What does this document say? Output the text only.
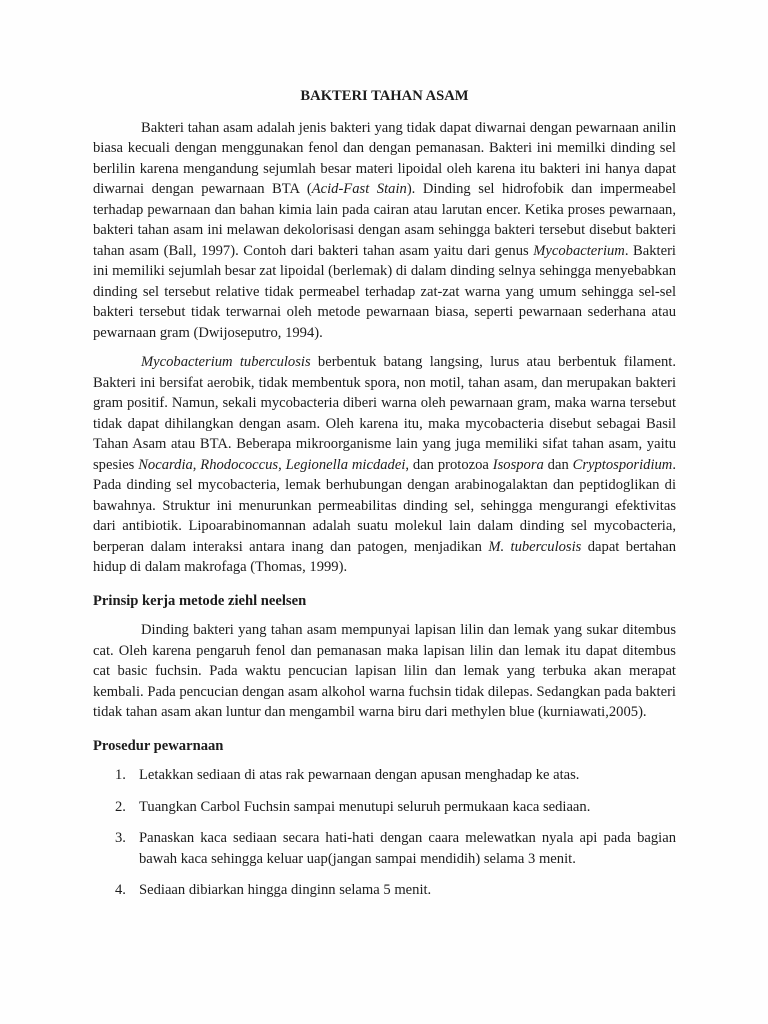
BAKTERI TAHAN ASAM

Bakteri tahan asam adalah jenis bakteri yang tidak dapat diwarnai dengan pewarnaan anilin biasa kecuali dengan menggunakan fenol dan dengan pemanasan. Bakteri ini memilki dinding sel berlilin karena mengandung sejumlah besar materi lipoidal oleh karena itu bakteri ini hanya dapat diwarnai dengan pewarnaan BTA (Acid-Fast Stain). Dinding sel hidrofobik dan impermeabel terhadap pewarnaan dan bahan kimia lain pada cairan atau larutan encer. Ketika proses pewarnaan, bakteri tahan asam ini melawan dekolorisasi dengan asam sehingga bakteri tersebut disebut bakteri tahan asam (Ball, 1997). Contoh dari bakteri tahan asam yaitu dari genus Mycobacterium. Bakteri ini memiliki sejumlah besar zat lipoidal (berlemak) di dalam dinding selnya sehingga menyebabkan dinding sel tersebut relative tidak permeabel terhadap zat-zat warna yang umum sehingga sel-sel bakteri tersebut tidak terwarnai oleh metode pewarnaan biasa, seperti pewarnaan sederhana atau pewarnaan gram (Dwijoseputro, 1994).

Mycobacterium tuberculosis berbentuk batang langsing, lurus atau berbentuk filament. Bakteri ini bersifat aerobik, tidak membentuk spora, non motil, tahan asam, dan merupakan bakteri gram positif. Namun, sekali mycobacteria diberi warna oleh pewarnaan gram, maka warna tersebut tidak dapat dihilangkan dengan asam. Oleh karena itu, maka mycobacteria disebut sebagai Basil Tahan Asam atau BTA. Beberapa mikroorganisme lain yang juga memiliki sifat tahan asam, yaitu spesies Nocardia, Rhodococcus, Legionella micdadei, dan protozoa Isospora dan Cryptosporidium. Pada dinding sel mycobacteria, lemak berhubungan dengan arabinogalaktan dan peptidoglikan di bawahnya. Struktur ini menurunkan permeabilitas dinding sel, sehingga mengurangi efektivitas dari antibiotik. Lipoarabinomannan adalah suatu molekul lain dalam dinding sel mycobacteria, berperan dalam interaksi antara inang dan patogen, menjadikan M. tuberculosis dapat bertahan hidup di dalam makrofaga (Thomas, 1999).

Prinsip kerja metode ziehl neelsen

Dinding bakteri yang tahan asam mempunyai lapisan lilin dan lemak yang sukar ditembus cat. Oleh karena pengaruh fenol dan pemanasan maka lapisan lilin dan lemak itu dapat ditembus cat basic fuchsin. Pada waktu pencucian lapisan lilin dan lemak yang terbuka akan merapat kembali. Pada pencucian dengan asam alkohol warna fuchsin tidak dilepas. Sedangkan pada bakteri tidak tahan asam akan luntur dan mengambil warna biru dari methylen blue (kurniawati,2005).

Prosedur pewarnaan
1. Letakkan sediaan di atas rak pewarnaan dengan apusan menghadap ke atas.
2. Tuangkan Carbol Fuchsin sampai menutupi seluruh permukaan kaca sediaan.
3. Panaskan kaca sediaan secara hati-hati dengan caara melewatkan nyala api pada bagian bawah kaca sehingga keluar uap(jangan sampai mendidih) selama 3 menit.
4. Sediaan dibiarkan hingga dinginn selama 5 menit.
